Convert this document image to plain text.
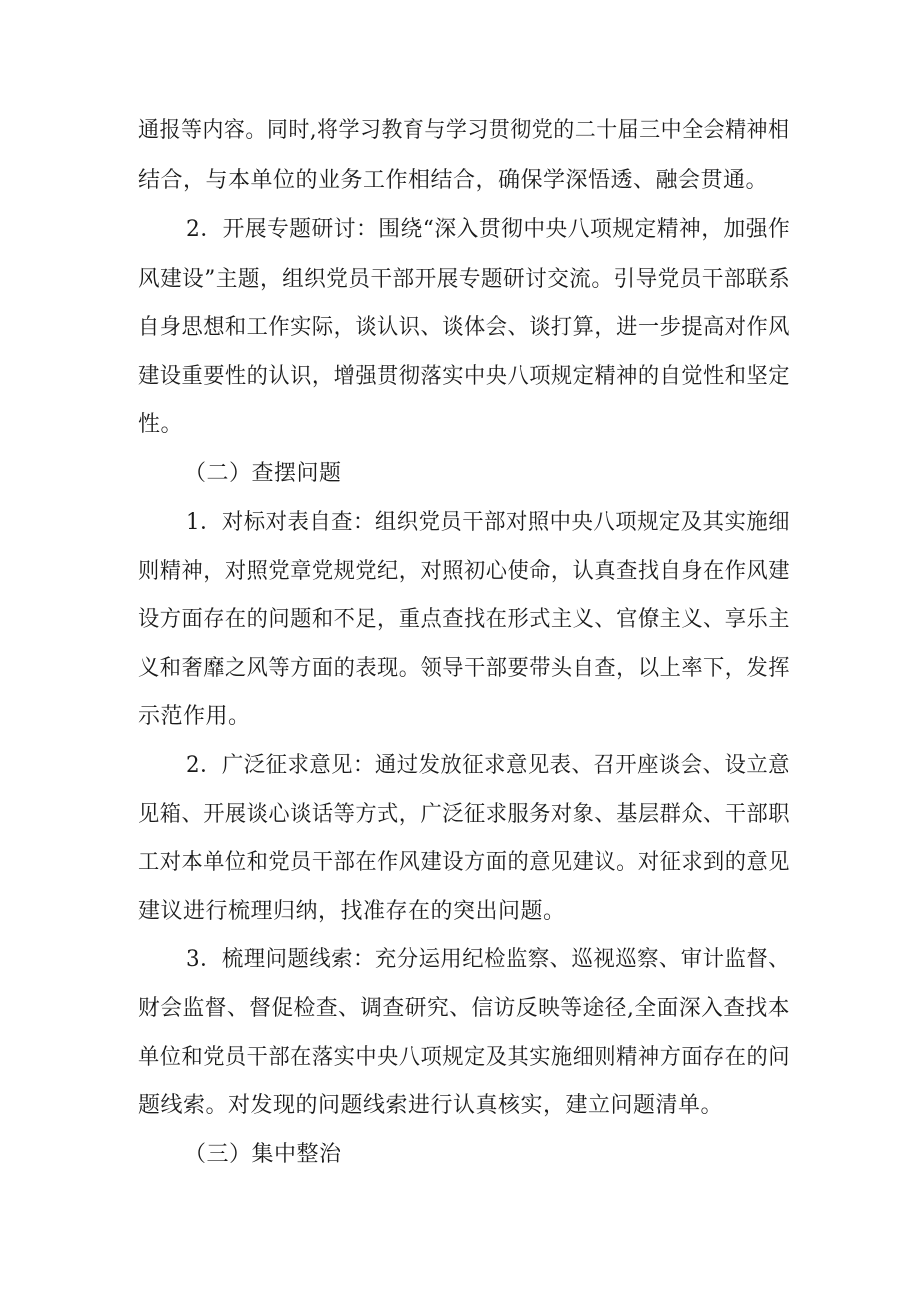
通报等内容。同时,将学习教育与学习贯彻党的二十届三中全会精神相
结合，与本单位的业务工作相结合，确保学深悟透、融会贯通。
2．开展专题研讨：围绕“深入贯彻中央八项规定精神，加强作
风建设”主题，组织党员干部开展专题研讨交流。引导党员干部联系
自身思想和工作实际，谈认识、谈体会、谈打算，进一步提高对作风
建设重要性的认识，增强贯彻落实中央八项规定精神的自觉性和坚定
性。
（二）查摆问题
1．对标对表自查：组织党员干部对照中央八项规定及其实施细
则精神，对照党章党规党纪，对照初心使命，认真查找自身在作风建
设方面存在的问题和不足，重点查找在形式主义、官僚主义、享乐主
义和奢靡之风等方面的表现。领导干部要带头自查，以上率下，发挥
示范作用。
2．广泛征求意见：通过发放征求意见表、召开座谈会、设立意
见箱、开展谈心谈话等方式，广泛征求服务对象、基层群众、干部职
工对本单位和党员干部在作风建设方面的意见建议。对征求到的意见
建议进行梳理归纳，找准存在的突出问题。
3．梳理问题线索：充分运用纪检监察、巡视巡察、审计监督、
财会监督、督促检查、调查研究、信访反映等途径,全面深入查找本
单位和党员干部在落实中央八项规定及其实施细则精神方面存在的问
题线索。对发现的问题线索进行认真核实，建立问题清单。
（三）集中整治
